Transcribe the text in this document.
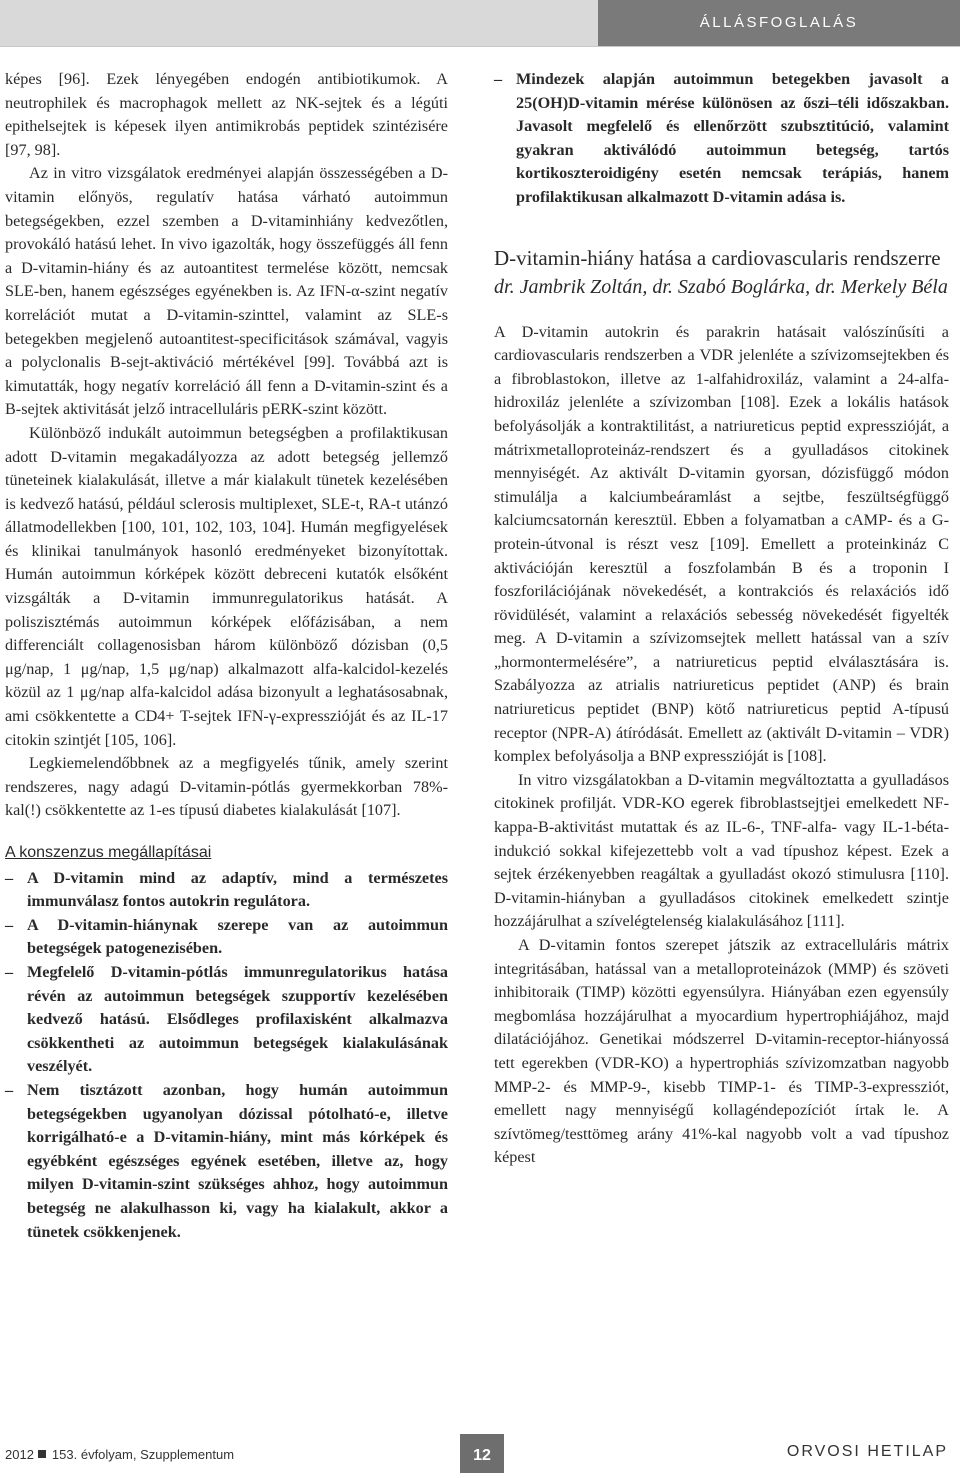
ÁLLÁSFOGLALÁS

képes [96]. Ezek lényegében endogén antibiotikumok. A neutrophilek és macrophagok mellett az NK-sejtek és a légúti epithelsejtek is képesek ilyen antimikrobás peptidek szintézisére [97, 98].

Az in vitro vizsgálatok eredményei alapján összességében a D-vitamin előnyös, regulatív hatása várható autoimmun betegségekben, ezzel szemben a D-vitaminhiány kedvezőtlen, provokáló hatású lehet. In vivo igazolták, hogy összefüggés áll fenn a D-vitamin-hiány és az autoantitest termelése között, nemcsak SLE-ben, hanem egészséges egyénekben is. Az IFN-α-szint negatív korrelációt mutat a D-vitamin-szinttel, valamint az SLE-s betegekben megjelenő autoantitest-specificitások számával, vagyis a polyclonalis B-sejt-aktiváció mértékével [99]. Továbbá azt is kimutatták, hogy negatív korreláció áll fenn a D-vitamin-szint és a B-sejtek aktivitását jelző intracelluláris pERK-szint között.

Különböző indukált autoimmun betegségben a profilaktikusan adott D-vitamin megakadályozza az adott betegség jellemző tüneteinek kialakulását, illetve a már kialakult tünetek kezelésében is kedvező hatású, például sclerosis multiplexet, SLE-t, RA-t utánzó állatmodellekben [100, 101, 102, 103, 104]. Humán megfigyelések és klinikai tanulmányok hasonló eredményeket bizonyítottak. Humán autoimmun kórképek között debreceni kutatók elsőként vizsgálták a D-vitamin immunregulatorikus hatását. A poliszisztémás autoimmun kórképek előfázisában, a nem differenciált collagenosisban három különböző dózisban (0,5 μg/nap, 1 μg/nap, 1,5 μg/nap) alkalmazott alfa-kalcidol-kezelés közül az 1 μg/nap alfa-kalcidol adása bizonyult a leghatásosabnak, ami csökkentette a CD4+ T-sejtek IFN-γ-expresszióját és az IL-17 citokin szintjét [105, 106].

Legkiemelendőbbnek az a megfigyelés tűnik, amely szerint rendszeres, nagy adagú D-vitamin-pótlás gyermekkorban 78%-kal(!) csökkentette az 1-es típusú diabetes kialakulását [107].

A konszenzus megállapításai
– A D-vitamin mind az adaptív, mind a természetes immunválasz fontos autokrin regulátora.
– A D-vitamin-hiánynak szerepe van az autoimmun betegségek patogenezisében.
– Megfelelő D-vitamin-pótlás immunregulatorikus hatása révén az autoimmun betegségek szupportív kezelésében kedvező hatású. Elsődleges profilaxisként alkalmazva csökkentheti az autoimmun betegségek kialakulásának veszélyét.
– Nem tisztázott azonban, hogy humán autoimmun betegségekben ugyanolyan dózissal pótolható-e, illetve korrigálható-e a D-vitamin-hiány, mint más kórképek és egyébként egészséges egyének esetében, illetve az, hogy milyen D-vitamin-szint szükséges ahhoz, hogy autoimmun betegség ne alakulhasson ki, vagy ha kialakult, akkor a tünetek csökkenjenek.
– Mindezek alapján autoimmun betegekben javasolt a 25(OH)D-vitamin mérése különösen az őszi–téli időszakban. Javasolt megfelelő és ellenőrzött szubsztitúció, valamint gyakran aktiválódó autoimmun betegség, tartós kortikoszteroidigény esetén nemcsak terápiás, hanem profilaktikusan alkalmazott D-vitamin adása is.
D-vitamin-hiány hatása a cardiovascularis rendszerre
dr. Jambrik Zoltán, dr. Szabó Boglárka, dr. Merkely Béla

A D-vitamin autokrin és parakrin hatásait valószínűsíti a cardiovascularis rendszerben a VDR jelenléte a szívizomsejtekben és a fibroblastokon, illetve az 1-alfahidroxiláz, valamint a 24-alfa-hidroxiláz jelenléte a szívizomban [108]. Ezek a lokális hatások befolyásolják a kontraktilitást, a natriureticus peptid expresszióját, a mátrixmetalloproteináz-rendszert és a gyulladásos citokinek mennyiségét. Az aktivált D-vitamin gyorsan, dózisfüggő módon stimulálja a kalciumbeáramlást a sejtbe, feszültségfüggő kalciumcsatornán keresztül. Ebben a folyamatban a cAMP- és a G-protein-útvonal is részt vesz [109]. Emellett a proteinkináz C aktivációján keresztül a foszfolambán B és a troponin I foszforilációjának növekedését, a kontrakciós és relaxációs idő rövidülését, valamint a relaxációs sebesség növekedését figyelték meg. A D-vitamin a szívizomsejtek mellett hatással van a szív „hormontermelésére”, a natriureticus peptid elválasztására is. Szabályozza az atrialis natriureticus peptidet (ANP) és brain natriureticus peptidet (BNP) kötő natriureticus peptid A-típusú receptor (NPR-A) átíródását. Emellett az (aktivált D-vitamin – VDR) komplex befolyásolja a BNP expresszióját is [108].

In vitro vizsgálatokban a D-vitamin megváltoztatta a gyulladásos citokinek profilját. VDR-KO egerek fibroblastsejtjei emelkedett NF-kappa-B-aktivitást mutattak és az IL-6-, TNF-alfa- vagy IL-1-béta-indukció sokkal kifejezettebb volt a vad típushoz képest. Ezek a sejtek érzékenyebben reagáltak a gyulladást okozó stimulusra [110]. D-vitamin-hiányban a gyulladásos citokinek emelkedett szintje hozzájárulhat a szívelégtelenség kialakulásához [111].

A D-vitamin fontos szerepet játszik az extracelluláris mátrix integritásában, hatással van a metalloproteinázok (MMP) és szöveti inhibitoraik (TIMP) közötti egyensúlyra. Hiányában ezen egyensúly megbomlása hozzájárulhat a myocardium hypertrophiájához, majd dilatációjához. Genetikai módszerrel D-vitamin-receptor-hiányossá tett egerekben (VDR-KO) a hypertrophiás szívizomzatban nagyobb MMP-2- és MMP-9-, kisebb TIMP-1- és TIMP-3-expressziót, emellett nagy mennyiségű kollagéndepozíciót írtak le. A szívtömeg/testtömeg arány 41%-kal nagyobb volt a vad típushoz képest

2012 153. évfolyam, Szupplementum	12	ORVOSI HETILAP
